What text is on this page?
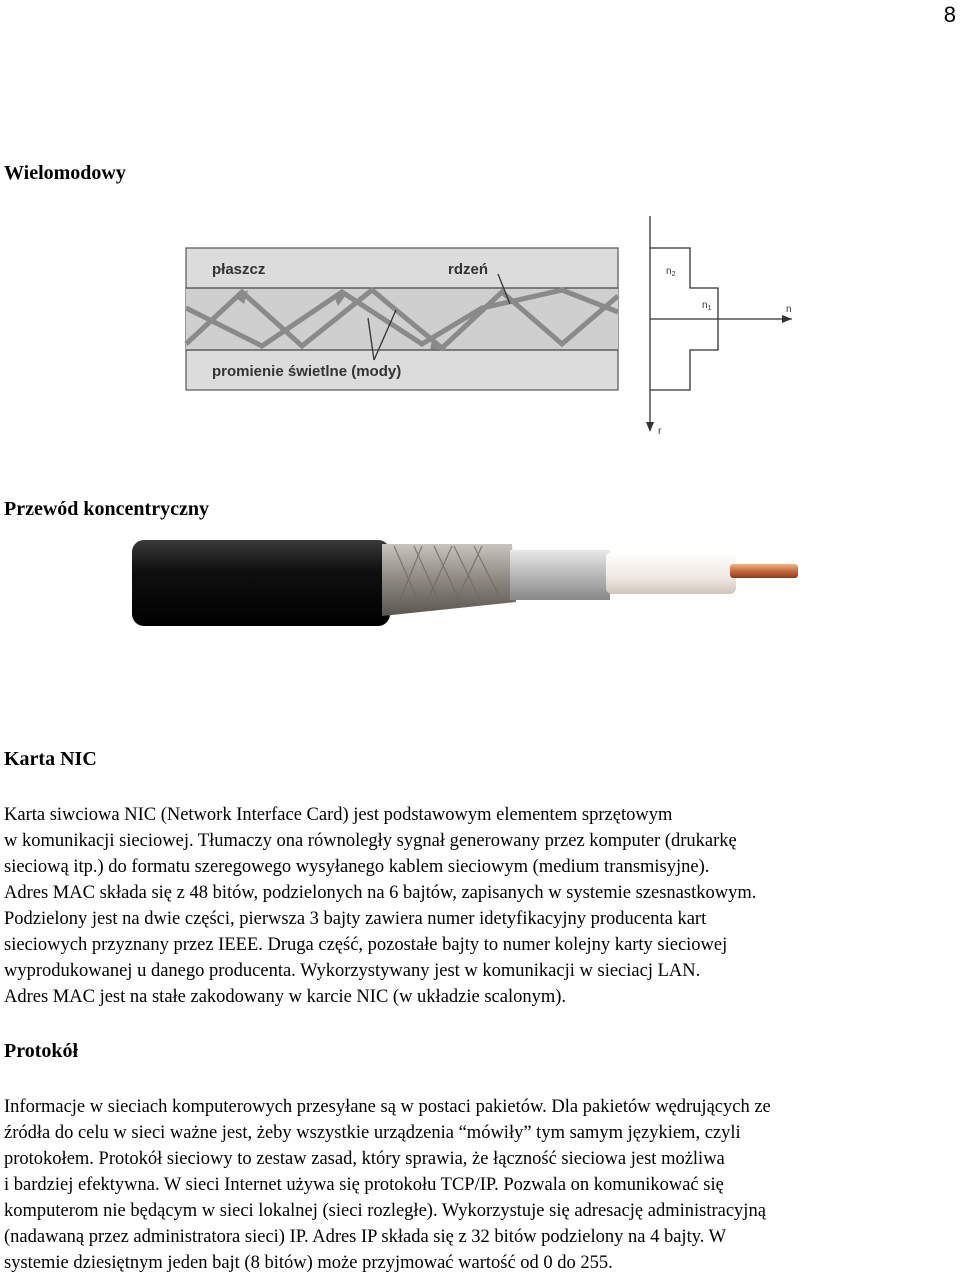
8
Wielomodowy
płaszcz	rdzeń
promienie świetlne (mody)
$n_2$
$n_1$	n
r
Przewód koncentryczny
Karta NIC
Karta siwciowa NIC (Network Interface Card) jest podstawowym elementem sprzętowym
w komunikacji sieciowej. Tłumaczy ona równoległy sygnał generowany przez komputer (drukarkę
sieciową itp.) do formatu szeregowego wysyłanego kablem sieciowym (medium transmisyjne).
Adres MAC składa się z 48 bitów, podzielonych na 6 bajtów, zapisanych w systemie szesnastkowym.
Podzielony jest na dwie części, pierwsza 3 bajty zawiera numer idetyfikacyjny producenta kart
sieciowych przyznany przez IEEE. Druga część, pozostałe bajty to numer kolejny karty sieciowej
wyprodukowanej u danego producenta. Wykorzystywany jest w komunikacji w sieciacj LAN.
Adres MAC jest na stałe zakodowany w karcie NIC (w układzie scalonym).
Protokół
Informacje w sieciach komputerowych przesyłane są w postaci pakietów. Dla pakietów wędrujących ze
źródła do celu w sieci ważne jest, żeby wszystkie urządzenia “mówiły” tym samym językiem, czyli
protokołem. Protokół sieciowy to zestaw zasad, który sprawia, że łączność sieciowa jest możliwa
i bardziej efektywna. W sieci Internet używa się protokołu TCP/IP. Pozwala on komunikować się
komputerom nie będącym w sieci lokalnej (sieci rozległe). Wykorzystuje się adresację administracyjną
(nadawaną przez administratora sieci) IP. Adres IP składa się z 32 bitów podzielony na 4 bajty. W
systemie dziesiętnym jeden bajt (8 bitów) może przyjmować wartość od 0 do 255.
